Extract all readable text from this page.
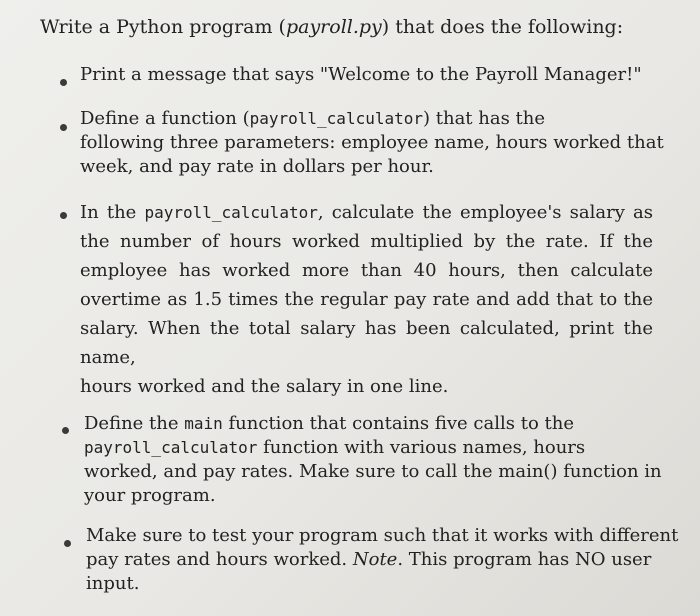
Write a Python program (payroll.py) that does the following:
Print a message that says "Welcome to the Payroll Manager!"
Define a function (payroll_calculator) that has the
following three parameters: employee name, hours worked that
week, and pay rate in dollars per hour.
In the payroll_calculator, calculate the employee's salary as
the number of hours worked multiplied by the rate. If the
employee has worked more than 40 hours, then calculate
overtime as 1.5 times the regular pay rate and add that to the
salary. When the total salary has been calculated, print the name,
hours worked and the salary in one line.
Define the main function that contains five calls to the
payroll_calculator function with various names, hours
worked, and pay rates. Make sure to call the main() function in
your program.
Make sure to test your program such that it works with different
pay rates and hours worked. Note. This program has NO user
input.
